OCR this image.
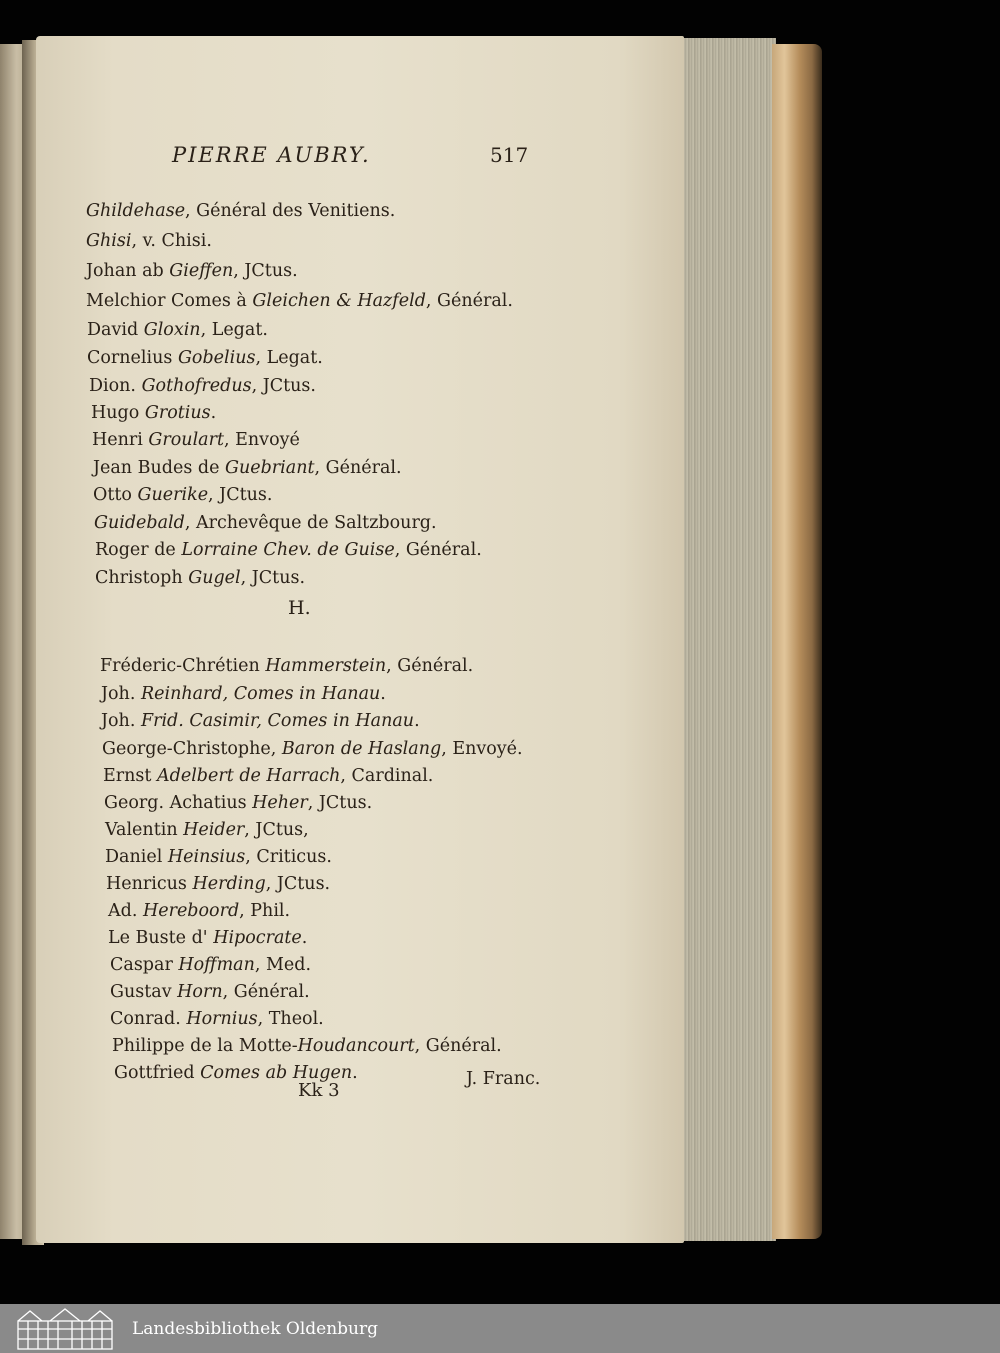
PIERRE AUBRY.	517
Ghildehase, Général des Venitiens.
Ghisi, v. Chisi.
Johan ab Gieffen, JCtus.
Melchior Comes à Gleichen & Hazfeld, Général.
David Gloxin, Legat.
Cornelius Gobelius, Legat.
Dion. Gothofredus, JCtus.
Hugo Grotius.
Henri Groulart, Envoyé
Jean Budes de Guebriant, Général.
Otto Guerike, JCtus.
Guidebald, Archevêque de Saltzbourg.
Roger de Lorraine Chev. de Guise, Général.
Christoph Gugel, JCtus.
H.
Fréderic-Chrétien Hammerstein, Général.
Joh. Reinhard, Comes in Hanau.
Joh. Frid. Casimir, Comes in Hanau.
George-Christophe, Baron de Haslang, Envoyé.
Ernst Adelbert de Harrach, Cardinal.
Georg. Achatius Heher, JCtus.
Valentin Heider, JCtus,
Daniel Heinsius, Criticus.
Henricus Herding, JCtus.
Ad. Hereboord, Phil.
Le Buste d' Hipocrate.
Caspar Hoffman, Med.
Gustav Horn, Général.
Conrad. Hornius, Theol.
Philippe de la Motte-Houdancourt, Général.
Gottfried Comes ab Hugen.
Kk 3
J. Franc.
Landesbibliothek Oldenburg
